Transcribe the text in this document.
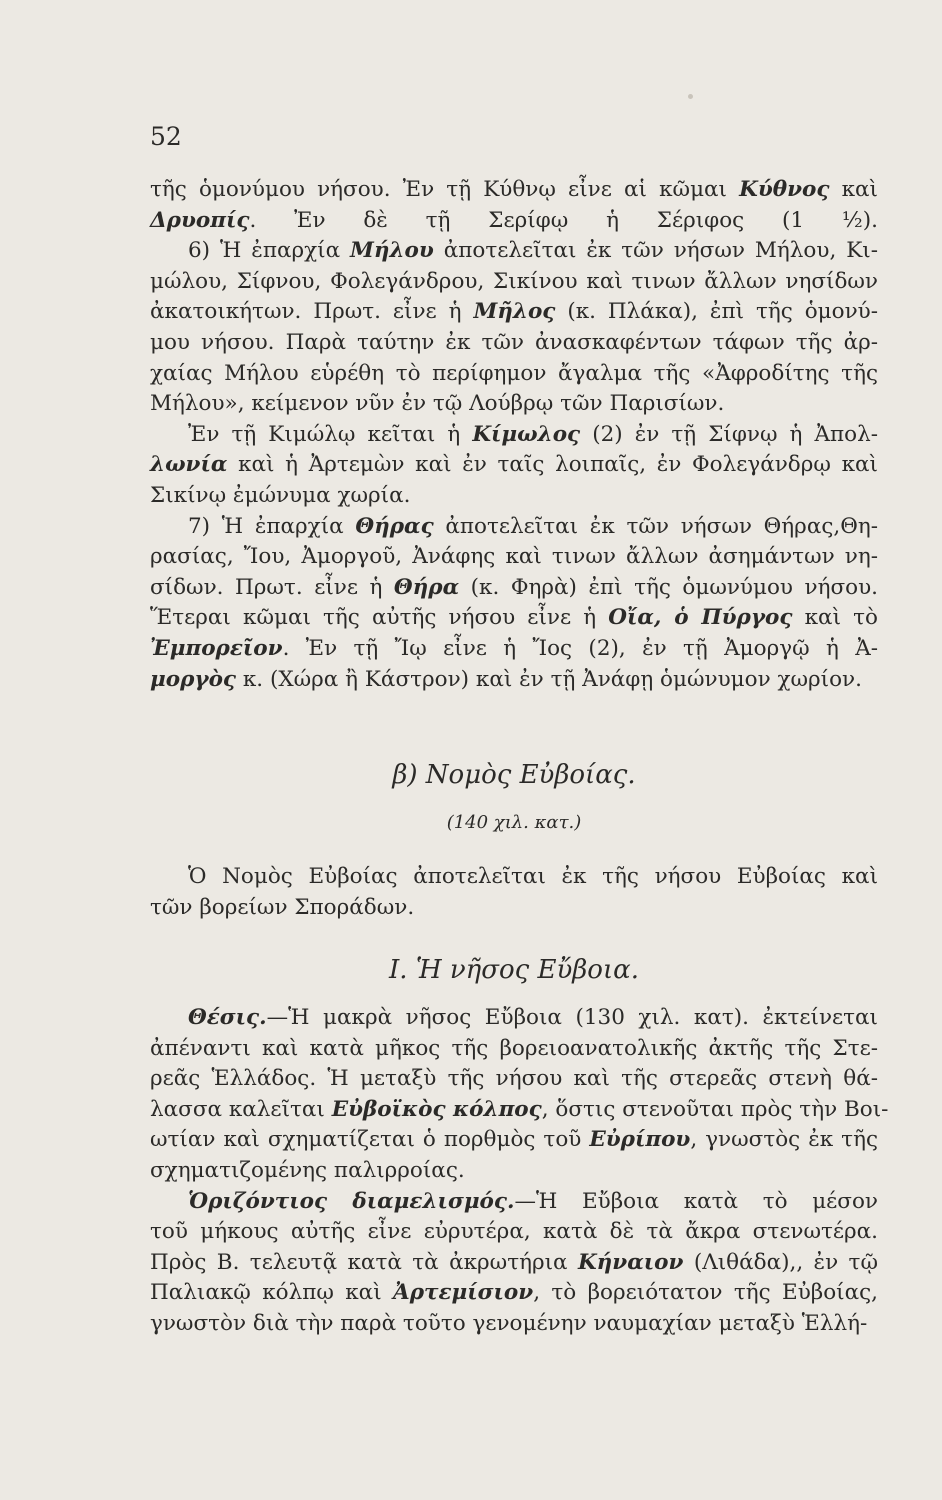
52
τῆς ὁμονύμου νήσου. Ἐν τῇ Κύθνῳ εἶνε αἱ κῶμαι Κύθνος καὶ
Δρυοπίς. Ἐν δὲ τῇ Σερίφῳ ἡ Σέριφος (1 ½).
6) Ἡ ἐπαρχία Μήλου ἀποτελεῖται ἐκ τῶν νήσων Μήλου, Κι-
μώλου, Σίφνου, Φολεγάνδρου, Σικίνου καὶ τινων ἄλλων νησίδων
ἀκατοικήτων. Πρωτ. εἶνε ἡ Μῆλος (κ. Πλάκα), ἐπὶ τῆς ὁμονύ-
μου νήσου. Παρὰ ταύτην ἐκ τῶν ἀνασκαφέντων τάφων τῆς ἀρ-
χαίας Μήλου εὑρέθη τὸ περίφημον ἄγαλμα τῆς «Ἀφροδίτης τῆς
Μήλου», κείμενον νῦν ἐν τῷ Λούβρῳ τῶν Παρισίων.
Ἐν τῇ Κιμώλῳ κεῖται ἡ Κίμωλος (2) ἐν τῇ Σίφνῳ ἡ Ἀπολ-
λωνία καὶ ἡ Ἀρτεμὼν καὶ ἐν ταῖς λοιπαῖς, ἐν Φολεγάνδρῳ καὶ
Σικίνῳ ἐμώνυμα χωρία.
7) Ἡ ἐπαρχία Θήρας ἀποτελεῖται ἐκ τῶν νήσων Θήρας,Θη-
ρασίας, Ἴου, Ἀμοργοῦ, Ἀνάφης καὶ τινων ἄλλων ἀσημάντων νη-
σίδων. Πρωτ. εἶνε ἡ Θήρα (κ. Φηρὰ) ἐπὶ τῆς ὁμωνύμου νήσου.
Ἕτεραι κῶμαι τῆς αὐτῆς νήσου εἶνε ἡ Οἴα, ὁ Πύργος καὶ τὸ
Ἐμπορεῖον. Ἐν τῇ Ἴῳ εἶνε ἡ Ἴος (2), ἐν τῇ Ἀμοργῷ ἡ Ἀ-
μοργὸς κ. (Χώρα ἢ Κάστρον) καὶ ἐν τῇ Ἀνάφῃ ὁμώνυμον χωρίον.
β) Νομὸς Εὐβοίας.
(140 χιλ. κατ.)
Ὁ Νομὸς Εὐβοίας ἀποτελεῖται ἐκ τῆς νήσου Εὐβοίας καὶ
τῶν βορείων Σποράδων.
Ι. Ἡ νῆσος Εὔβοια.
Θέσις.—Ἡ μακρὰ νῆσος Εὔβοια (130 χιλ. κατ). ἐκτείνεται
ἀπέναντι καὶ κατὰ μῆκος τῆς βορειοανατολικῆς ἀκτῆς τῆς Στε-
ρεᾶς Ἑλλάδος. Ἡ μεταξὺ τῆς νήσου καὶ τῆς στερεᾶς στενὴ θά-
λασσα καλεῖται Εὐβοϊκὸς κόλπος, ὅστις στενοῦται πρὸς τὴν Βοι-
ωτίαν καὶ σχηματίζεται ὁ πορθμὸς τοῦ Εὐρίπου, γνωστὸς ἐκ τῆς
σχηματιζομένης παλιρροίας.
Ὁριζόντιος διαμελισμός.—Ἡ Εὔβοια κατὰ τὸ μέσον
τοῦ μήκους αὐτῆς εἶνε εὐρυτέρα, κατὰ δὲ τὰ ἄκρα στενωτέρα.
Πρὸς Β. τελευτᾷ κατὰ τὰ ἀκρωτήρια Κήναιον (Λιθάδα),, ἐν τῷ
Παλιακῷ κόλπῳ καὶ Ἀρτεμίσιον, τὸ βορειότατον τῆς Εὐβοίας,
γνωστὸν διὰ τὴν παρὰ τοῦτο γενομένην ναυμαχίαν μεταξὺ Ἑλλή-
